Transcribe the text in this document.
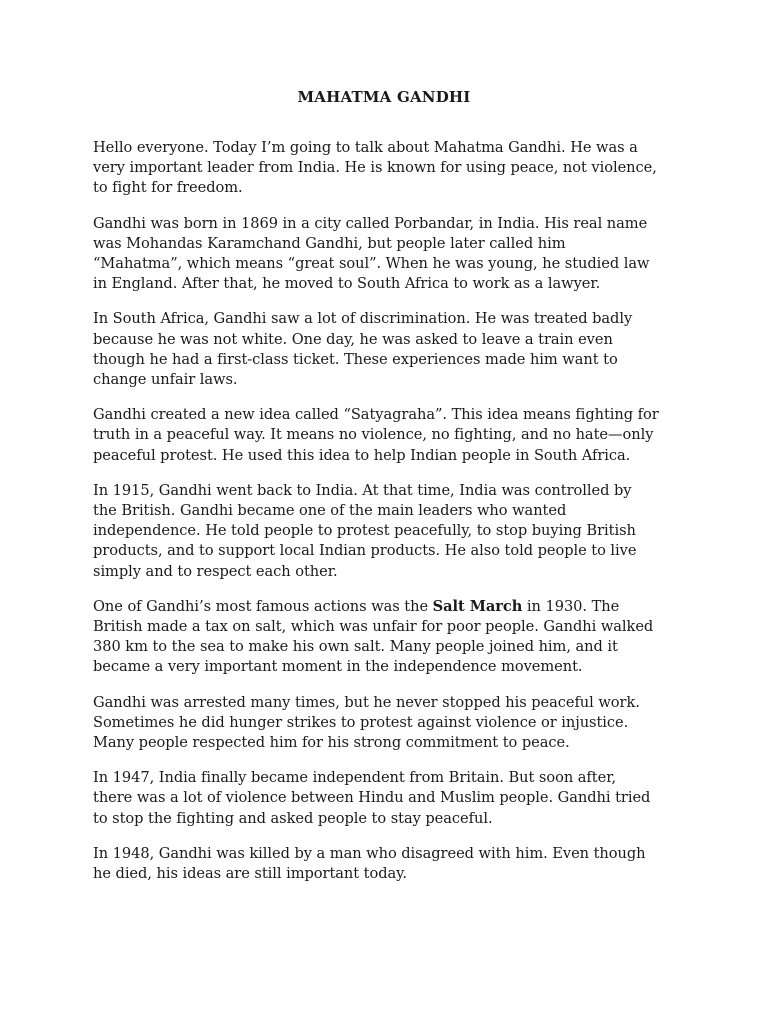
MAHATMA GANDHI

Hello everyone. Today I’m going to talk about Mahatma Gandhi. He was a
very important leader from India. He is known for using peace, not violence,
to fight for freedom.

Gandhi was born in 1869 in a city called Porbandar, in India. His real name
was Mohandas Karamchand Gandhi, but people later called him
“Mahatma”, which means “great soul”. When he was young, he studied law
in England. After that, he moved to South Africa to work as a lawyer.

In South Africa, Gandhi saw a lot of discrimination. He was treated badly
because he was not white. One day, he was asked to leave a train even
though he had a first-class ticket. These experiences made him want to
change unfair laws.

Gandhi created a new idea called “Satyagraha”. This idea means fighting for
truth in a peaceful way. It means no violence, no fighting, and no hate—only
peaceful protest. He used this idea to help Indian people in South Africa.

In 1915, Gandhi went back to India. At that time, India was controlled by
the British. Gandhi became one of the main leaders who wanted
independence. He told people to protest peacefully, to stop buying British
products, and to support local Indian products. He also told people to live
simply and to respect each other.

One of Gandhi’s most famous actions was the Salt March in 1930. The
British made a tax on salt, which was unfair for poor people. Gandhi walked
380 km to the sea to make his own salt. Many people joined him, and it
became a very important moment in the independence movement.

Gandhi was arrested many times, but he never stopped his peaceful work.
Sometimes he did hunger strikes to protest against violence or injustice.
Many people respected him for his strong commitment to peace.

In 1947, India finally became independent from Britain. But soon after,
there was a lot of violence between Hindu and Muslim people. Gandhi tried
to stop the fighting and asked people to stay peaceful.

In 1948, Gandhi was killed by a man who disagreed with him. Even though
he died, his ideas are still important today.
